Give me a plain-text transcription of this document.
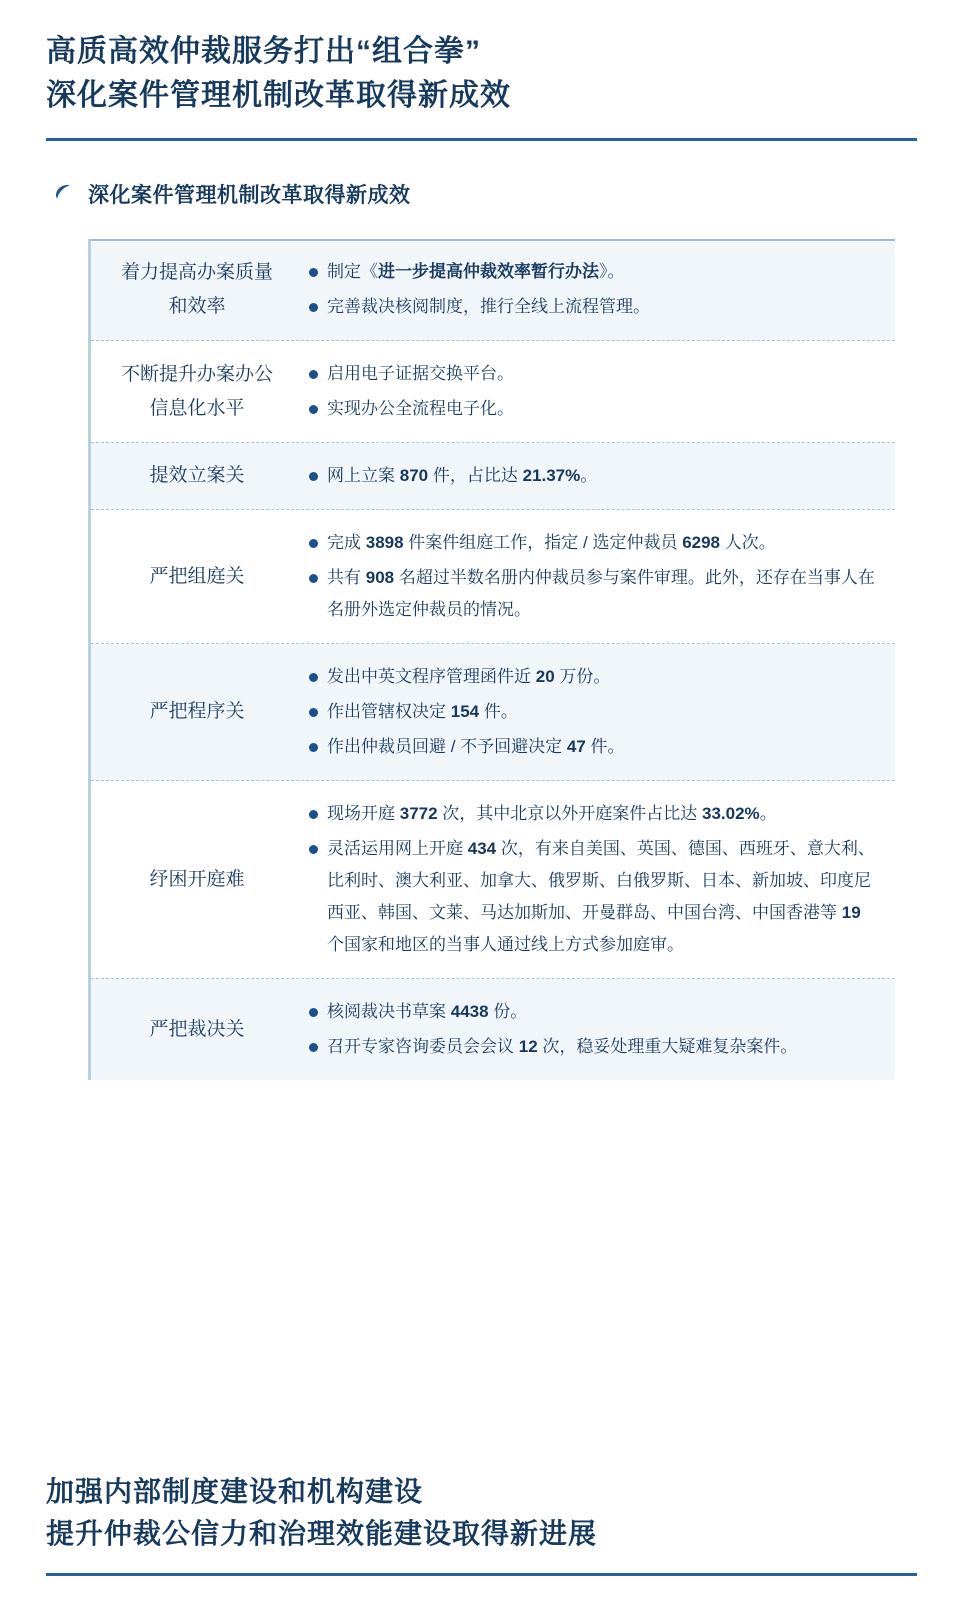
高质高效仲裁服务打出“组合拳”
深化案件管理机制改革取得新成效
深化案件管理机制改革取得新成效
着力提高办案质量
和效率
制定《进一步提高仲裁效率暂行办法》。
完善裁决核阅制度，推行全线上流程管理。
不断提升办案办公
信息化水平
启用电子证据交换平台。
实现办公全流程电子化。
提效立案关	网上立案 870 件，占比达 21.37%。
严把组庭关
完成 3898 件案件组庭工作，指定 / 选定仲裁员 6298 人次。
共有 908 名超过半数名册内仲裁员参与案件审理。此外，还存在当事人在名册外选定仲裁员的情况。
严把程序关
发出中英文程序管理函件近 20 万份。
作出管辖权决定 154 件。
作出仲裁员回避 / 不予回避决定 47 件。
纾困开庭难
现场开庭 3772 次，其中北京以外开庭案件占比达 33.02%。
灵活运用网上开庭 434 次，有来自美国、英国、德国、西班牙、意大利、比利时、澳大利亚、加拿大、俄罗斯、白俄罗斯、日本、新加坡、印度尼西亚、韩国、文莱、马达加斯加、开曼群岛、中国台湾、中国香港等 19 个国家和地区的当事人通过线上方式参加庭审。
严把裁决关
核阅裁决书草案 4438 份。
召开专家咨询委员会会议 12 次，稳妥处理重大疑难复杂案件。
加强内部制度建设和机构建设
提升仲裁公信力和治理效能建设取得新进展
